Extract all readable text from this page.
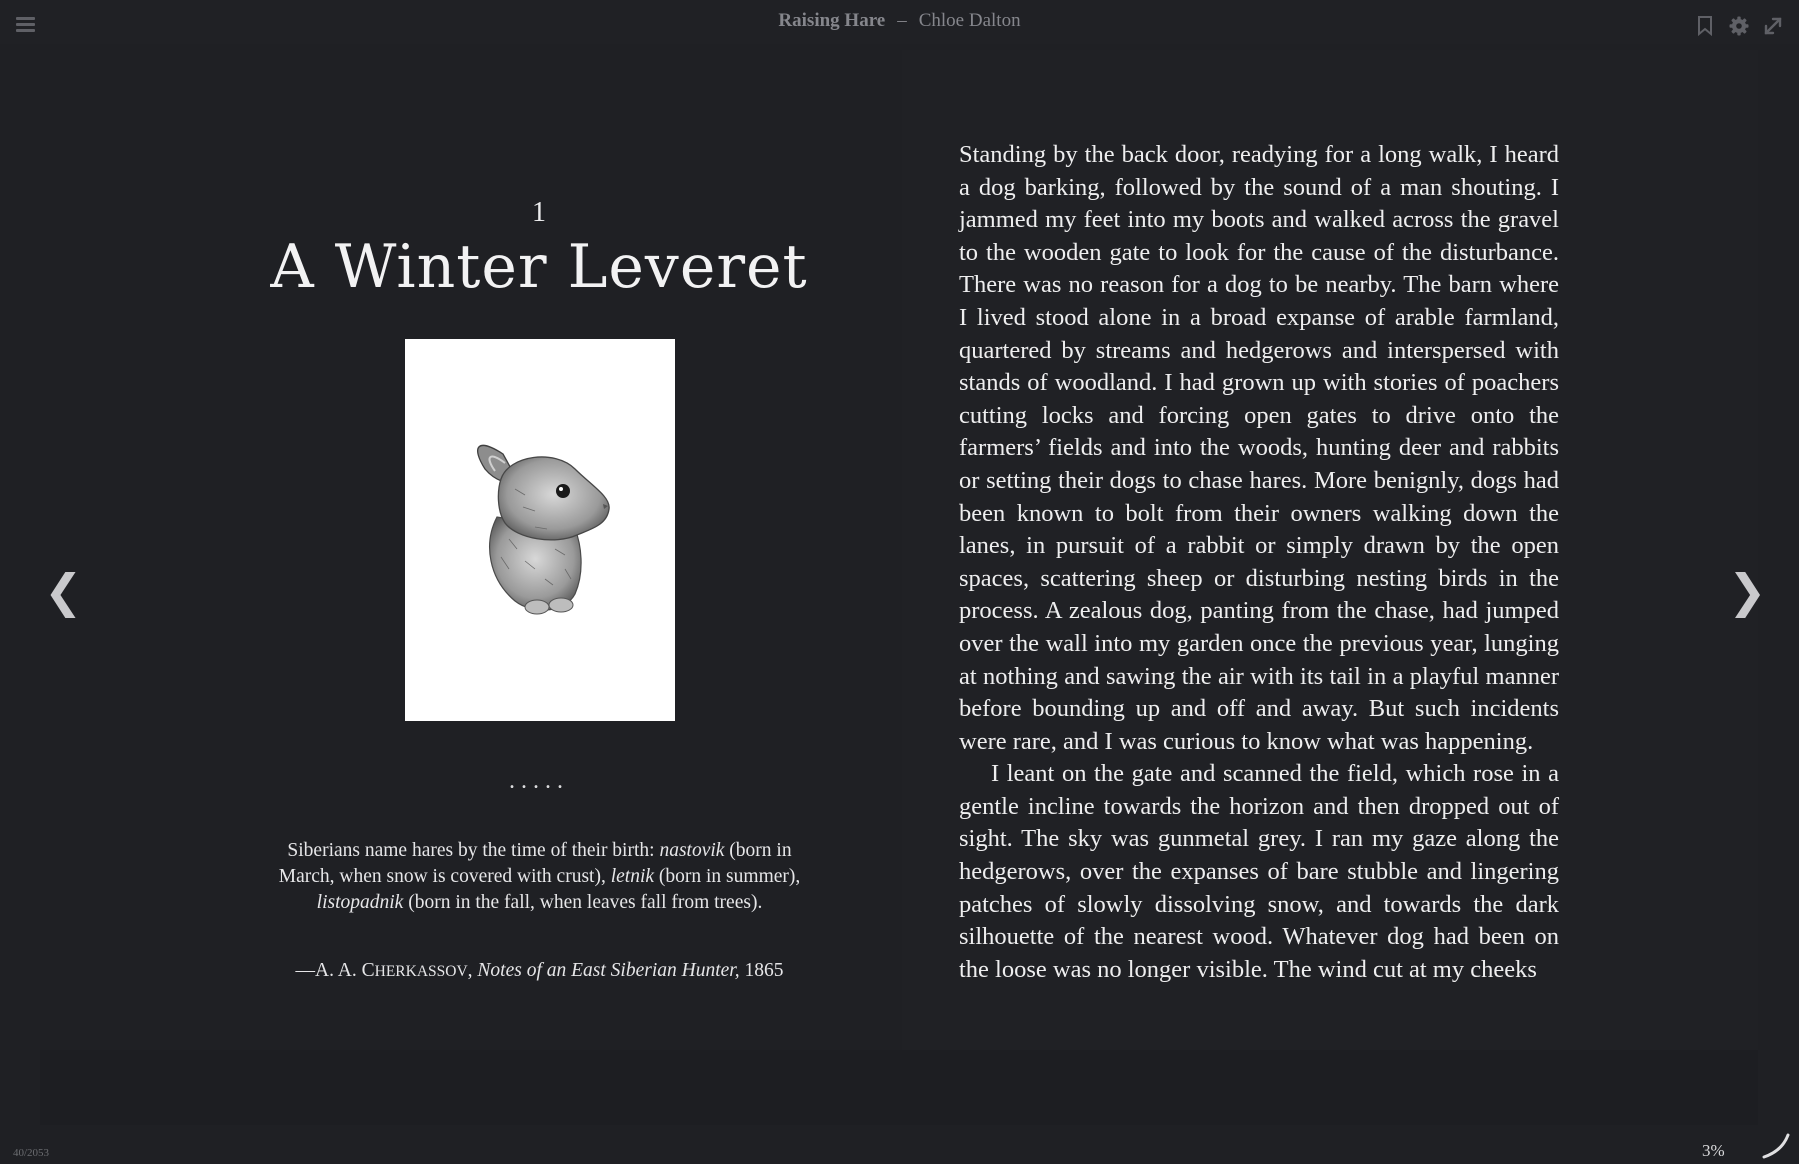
Raising Hare – Chloe Dalton
1
A Winter Leveret
.....
Siberians name hares by the time of their birth: nastovik (born in March, when snow is covered with crust), letnik (born in summer), listopadnik (born in the fall, when leaves fall from trees).
—A. A. CHERKASSOV, Notes of an East Siberian Hunter, 1865

Standing by the back door, readying for a long walk, I heard a dog barking, followed by the sound of a man shouting. I jammed my feet into my boots and walked across the gravel to the wooden gate to look for the cause of the disturbance. There was no reason for a dog to be nearby. The barn where I lived stood alone in a broad expanse of arable farmland, quartered by streams and hedgerows and interspersed with stands of woodland. I had grown up with stories of poachers cutting locks and forcing open gates to drive onto the farmers’ fields and into the woods, hunting deer and rabbits or setting their dogs to chase hares. More benignly, dogs had been known to bolt from their owners walking down the lanes, in pursuit of a rabbit or simply drawn by the open spaces, scattering sheep or disturbing nesting birds in the process. A zealous dog, panting from the chase, had jumped over the wall into my garden once the previous year, lunging at nothing and sawing the air with its tail in a playful manner before bounding up and off and away. But such incidents were rare, and I was curious to know what was happening.

I leant on the gate and scanned the field, which rose in a gentle incline towards the horizon and then dropped out of sight. The sky was gunmetal grey. I ran my gaze along the hedgerows, over the expanses of bare stubble and lingering patches of slowly dissolving snow, and towards the dark silhouette of the nearest wood. Whatever dog had been on the loose was no longer visible. The wind cut at my cheeks

❮	❯
40/2053	3%
